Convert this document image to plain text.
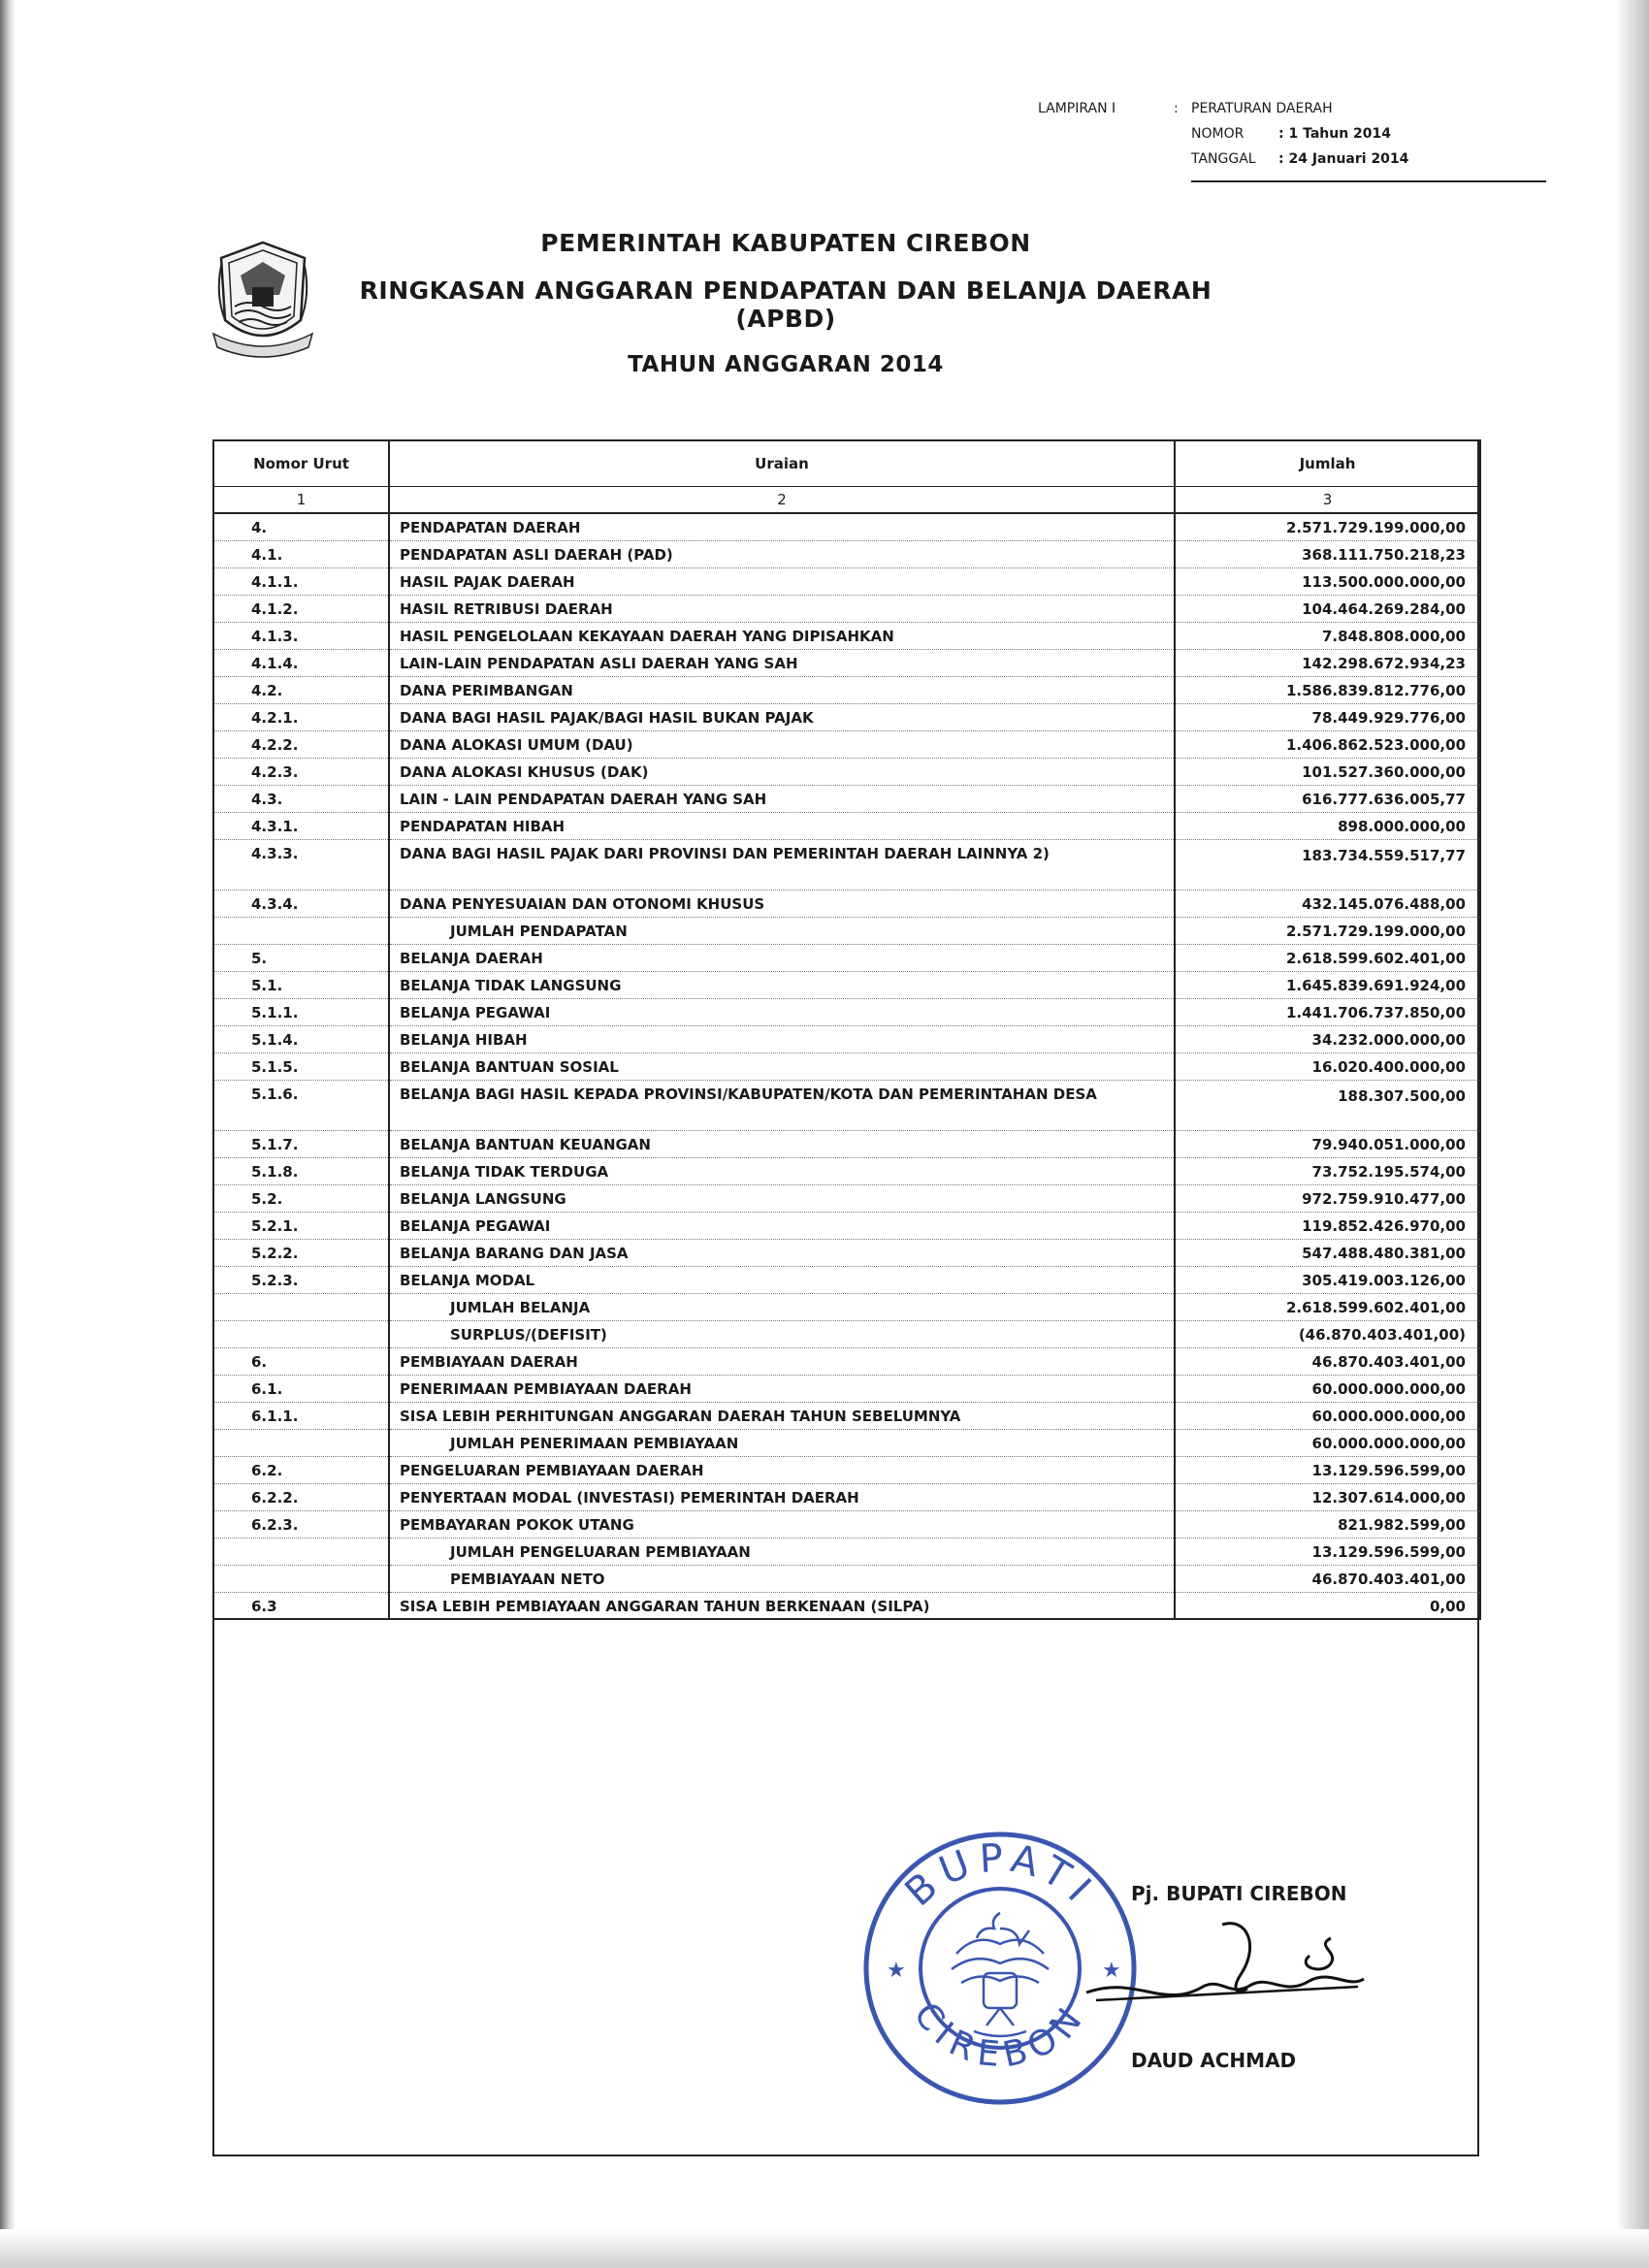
LAMPIRAN I	: PERATURAN DAERAH
NOMOR	: 1 Tahun 2014
TANGGAL : 24 Januari 2014
PEMERINTAH KABUPATEN CIREBON
RINGKASAN ANGGARAN PENDAPATAN DAN BELANJA DAERAH (APBD)
TAHUN ANGGARAN 2014
Nomor Urut	Uraian	Jumlah
1	2	3
4.	PENDAPATAN DAERAH	2.571.729.199.000,00
4.1.	PENDAPATAN ASLI DAERAH (PAD)	368.111.750.218,23
4.1.1.	HASIL PAJAK DAERAH	113.500.000.000,00
4.1.2.	HASIL RETRIBUSI DAERAH	104.464.269.284,00
4.1.3.	HASIL PENGELOLAAN KEKAYAAN DAERAH YANG DIPISAHKAN	7.848.808.000,00
4.1.4.	LAIN-LAIN PENDAPATAN ASLI DAERAH YANG SAH	142.298.672.934,23
4.2.	DANA PERIMBANGAN	1.586.839.812.776,00
4.2.1.	DANA BAGI HASIL PAJAK/BAGI HASIL BUKAN PAJAK	78.449.929.776,00
4.2.2.	DANA ALOKASI UMUM (DAU)	1.406.862.523.000,00
4.2.3.	DANA ALOKASI KHUSUS (DAK)	101.527.360.000,00
4.3.	LAIN - LAIN PENDAPATAN DAERAH YANG SAH	616.777.636.005,77
4.3.1.	PENDAPATAN HIBAH	898.000.000,00
4.3.3.	DANA BAGI HASIL PAJAK DARI PROVINSI DAN PEMERINTAH DAERAH LAINNYA 2)	183.734.559.517,77
4.3.4.	DANA PENYESUAIAN DAN OTONOMI KHUSUS	432.145.076.488,00
	JUMLAH PENDAPATAN	2.571.729.199.000,00
5.	BELANJA DAERAH	2.618.599.602.401,00
5.1.	BELANJA TIDAK LANGSUNG	1.645.839.691.924,00
5.1.1.	BELANJA PEGAWAI	1.441.706.737.850,00
5.1.4.	BELANJA HIBAH	34.232.000.000,00
5.1.5.	BELANJA BANTUAN SOSIAL	16.020.400.000,00
5.1.6.	BELANJA BAGI HASIL KEPADA PROVINSI/KABUPATEN/KOTA DAN PEMERINTAHAN DESA	188.307.500,00
5.1.7.	BELANJA BANTUAN KEUANGAN	79.940.051.000,00
5.1.8.	BELANJA TIDAK TERDUGA	73.752.195.574,00
5.2.	BELANJA LANGSUNG	972.759.910.477,00
5.2.1.	BELANJA PEGAWAI	119.852.426.970,00
5.2.2.	BELANJA BARANG DAN JASA	547.488.480.381,00
5.2.3.	BELANJA MODAL	305.419.003.126,00
	JUMLAH BELANJA	2.618.599.602.401,00
	SURPLUS/(DEFISIT)	(46.870.403.401,00)
6.	PEMBIAYAAN DAERAH	46.870.403.401,00
6.1.	PENERIMAAN PEMBIAYAAN DAERAH	60.000.000.000,00
6.1.1.	SISA LEBIH PERHITUNGAN ANGGARAN DAERAH TAHUN SEBELUMNYA	60.000.000.000,00
	JUMLAH PENERIMAAN PEMBIAYAAN	60.000.000.000,00
6.2.	PENGELUARAN PEMBIAYAAN DAERAH	13.129.596.599,00
6.2.2.	PENYERTAAN MODAL (INVESTASI) PEMERINTAH DAERAH	12.307.614.000,00
6.2.3.	PEMBAYARAN POKOK UTANG	821.982.599,00
	JUMLAH PENGELUARAN PEMBIAYAAN	13.129.596.599,00
	PEMBIAYAAN NETO	46.870.403.401,00
6.3	SISA LEBIH PEMBIAYAAN ANGGARAN TAHUN BERKENAAN (SILPA)	0,00
BUPATI
CIREBON
★	★
Pj. BUPATI CIREBON
DAUD ACHMAD
